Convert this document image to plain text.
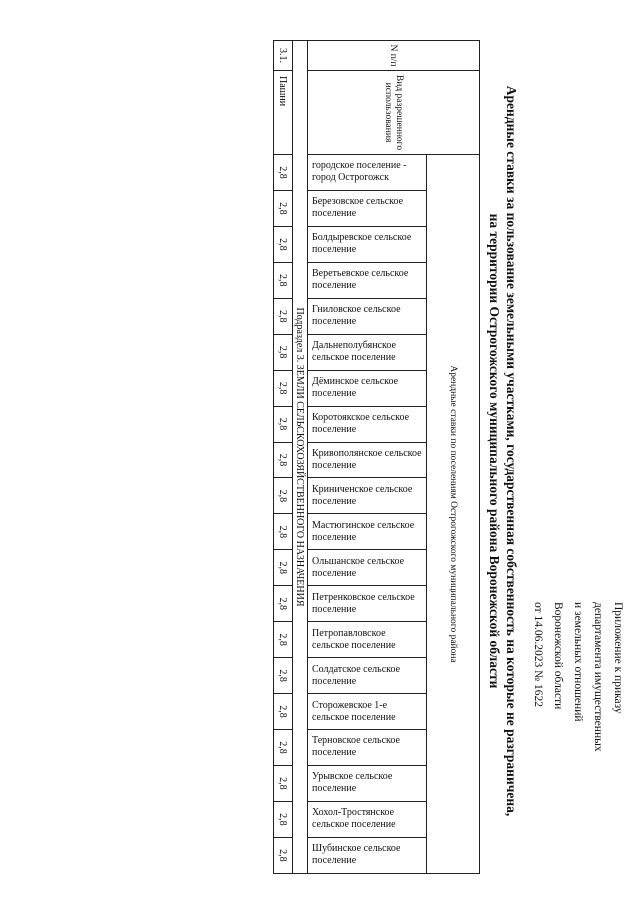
Приложение к приказу
департамента имущественных
и земельных отношений
Воронежской области
от 14.06.2023 № 1622
Арендные ставки за пользование земельными участками, государственная собственность на которые не разграничена,
на территории Острогожского муниципального района Воронежской области
N п/п	Вид разрешенного использования	Арендные ставки по поселениям Острогожского муниципального района																			

		городское поселение - город Острогожск	Березовское сельское поселение	Болдыревское сельское поселение	Веретьевское сельское поселение	Гниловское сельское поселение	Дальнеполубянское сельское поселение	Дёминское сельское поселение	Коротоякское сельское поселение	Кривополянское сельское поселение	Криниченское сельское поселение	Мастюгинское сельское поселение	Ольшанское сельское поселение	Петренковское сельское поселение	Петропавловское сельское поселение	Солдатское сельское поселение	Сторожевское 1-е сельское поселение	Терновское сельское поселение	Урывское сельское поселение	Хохол-Тростянское сельское поселение	Шубинское сельское поселение

Подраздел 3. ЗЕМЛИ СЕЛЬСКОХОЗЯЙСТВЕННОГО НАЗНАЧЕНИЯ																					
3.1.	Пашни	2,8	2,8	2,8	2,8	2,8	2,8	2,8	2,8	2,8	2,8	2,8	2,8	2,8	2,8	2,8	2,8	2,8	2,8	2,8	2,8
